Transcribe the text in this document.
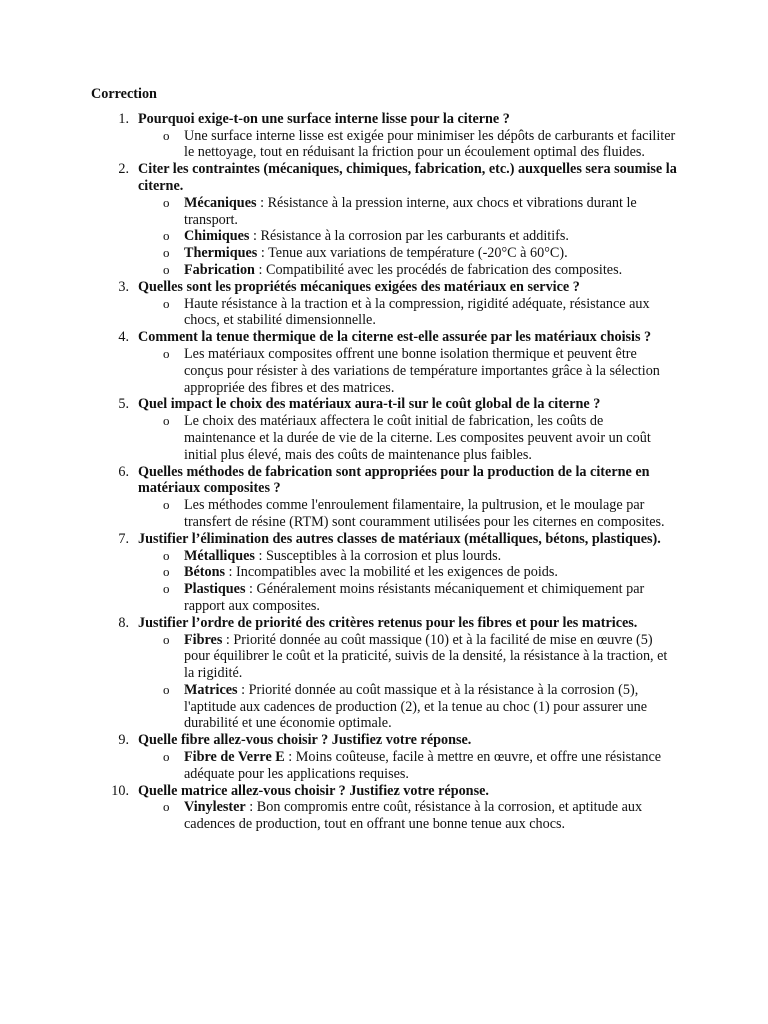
Correction
1. Pourquoi exige-t-on une surface interne lisse pour la citerne ?
o Une surface interne lisse est exigée pour minimiser les dépôts de carburants et faciliter le nettoyage, tout en réduisant la friction pour un écoulement optimal des fluides.
2. Citer les contraintes (mécaniques, chimiques, fabrication, etc.) auxquelles sera soumise la citerne.
o Mécaniques : Résistance à la pression interne, aux chocs et vibrations durant le transport.
o Chimiques : Résistance à la corrosion par les carburants et additifs.
o Thermiques : Tenue aux variations de température (-20°C à 60°C).
o Fabrication : Compatibilité avec les procédés de fabrication des composites.
3. Quelles sont les propriétés mécaniques exigées des matériaux en service ?
o Haute résistance à la traction et à la compression, rigidité adéquate, résistance aux chocs, et stabilité dimensionnelle.
4. Comment la tenue thermique de la citerne est-elle assurée par les matériaux choisis ?
o Les matériaux composites offrent une bonne isolation thermique et peuvent être conçus pour résister à des variations de température importantes grâce à la sélection appropriée des fibres et des matrices.
5. Quel impact le choix des matériaux aura-t-il sur le coût global de la citerne ?
o Le choix des matériaux affectera le coût initial de fabrication, les coûts de maintenance et la durée de vie de la citerne. Les composites peuvent avoir un coût initial plus élevé, mais des coûts de maintenance plus faibles.
6. Quelles méthodes de fabrication sont appropriées pour la production de la citerne en matériaux composites ?
o Les méthodes comme l'enroulement filamentaire, la pultrusion, et le moulage par transfert de résine (RTM) sont couramment utilisées pour les citernes en composites.
7. Justifier l’élimination des autres classes de matériaux (métalliques, bétons, plastiques).
o Métalliques : Susceptibles à la corrosion et plus lourds.
o Bétons : Incompatibles avec la mobilité et les exigences de poids.
o Plastiques : Généralement moins résistants mécaniquement et chimiquement par rapport aux composites.
8. Justifier l’ordre de priorité des critères retenus pour les fibres et pour les matrices.
o Fibres : Priorité donnée au coût massique (10) et à la facilité de mise en œuvre (5) pour équilibrer le coût et la praticité, suivis de la densité, la résistance à la traction, et la rigidité.
o Matrices : Priorité donnée au coût massique et à la résistance à la corrosion (5), l'aptitude aux cadences de production (2), et la tenue au choc (1) pour assurer une durabilité et une économie optimale.
9. Quelle fibre allez-vous choisir ? Justifiez votre réponse.
o Fibre de Verre E : Moins coûteuse, facile à mettre en œuvre, et offre une résistance adéquate pour les applications requises.
10. Quelle matrice allez-vous choisir ? Justifiez votre réponse.
o Vinylester : Bon compromis entre coût, résistance à la corrosion, et aptitude aux cadences de production, tout en offrant une bonne tenue aux chocs.
